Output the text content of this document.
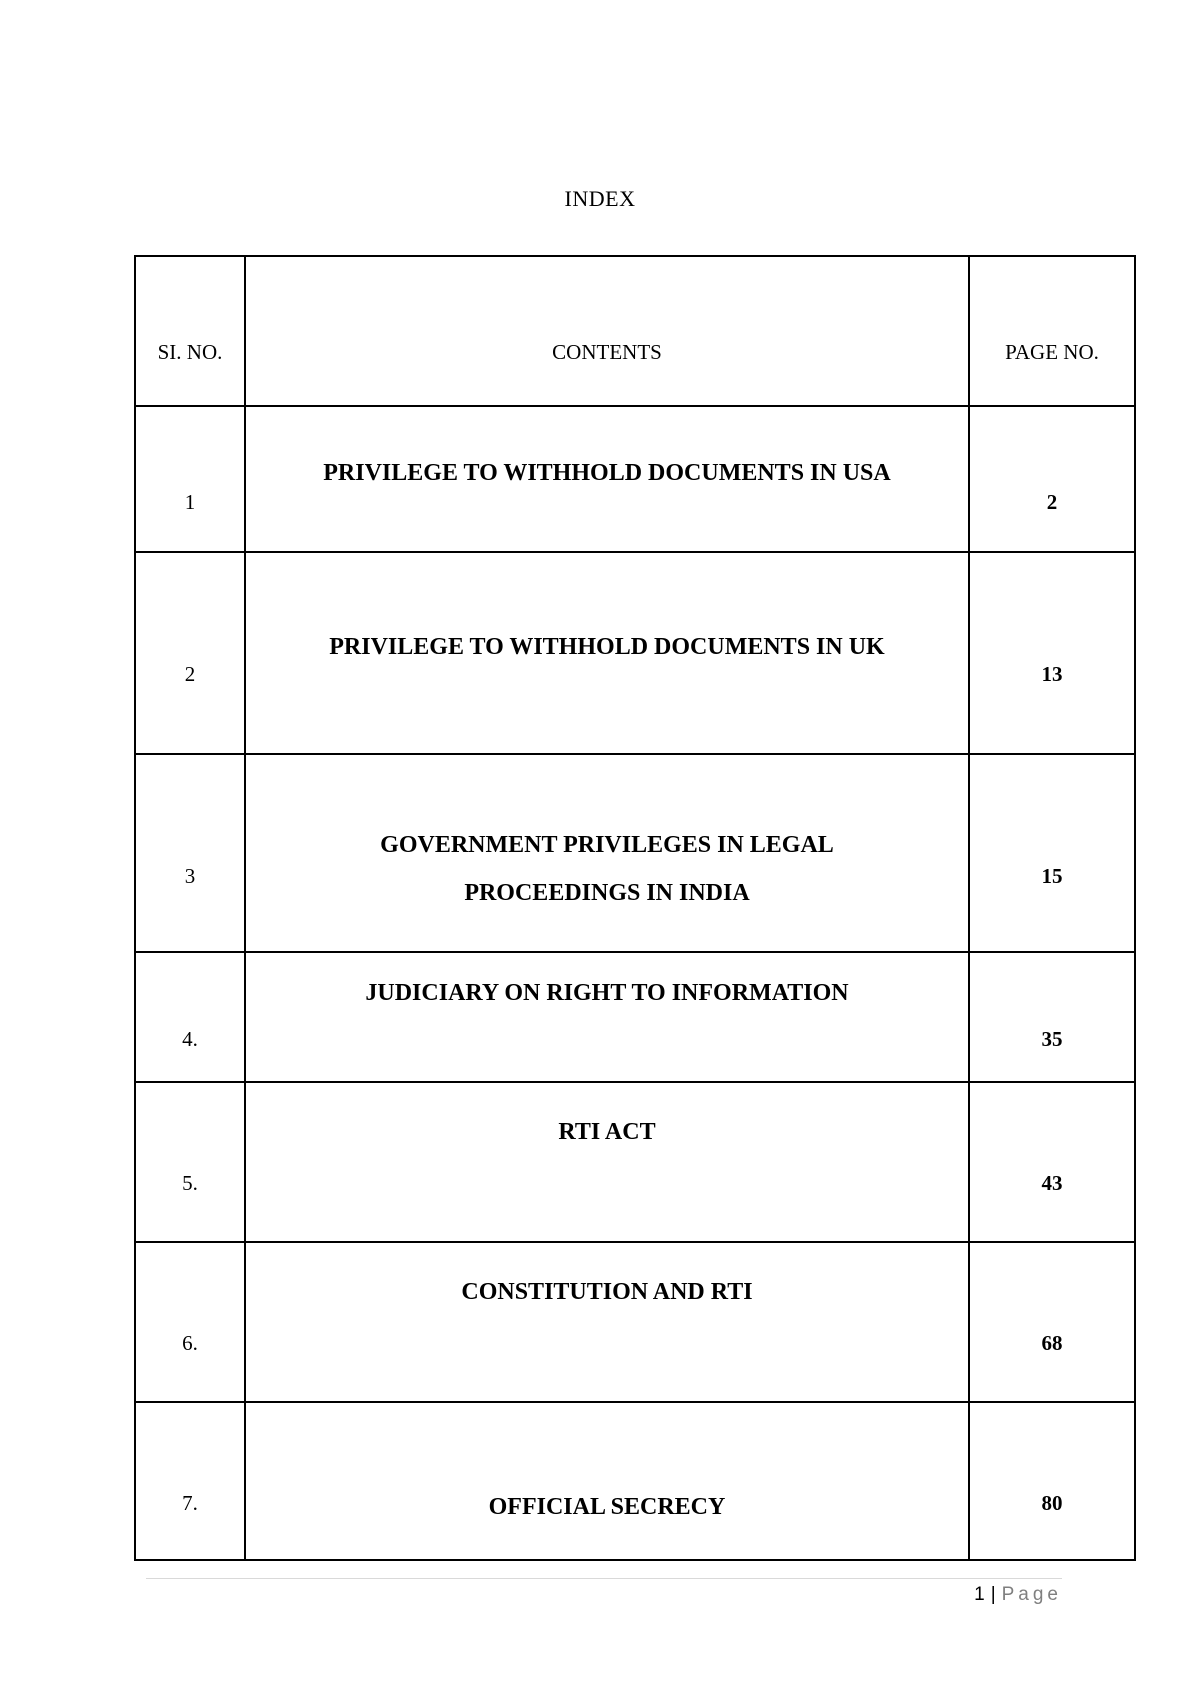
INDEX
SI. NO.	CONTENTS	PAGE NO.

1	PRIVILEGE TO WITHHOLD DOCUMENTS IN USA	2

2	PRIVILEGE TO WITHHOLD DOCUMENTS IN UK	13

3	GOVERNMENT PRIVILEGES IN LEGAL PROCEEDINGS IN INDIA	15

4.	JUDICIARY ON RIGHT TO INFORMATION	35

5.	RTI ACT	43

6.	CONSTITUTION AND RTI	68

7.	OFFICIAL SECRECY	80
1 | Page
